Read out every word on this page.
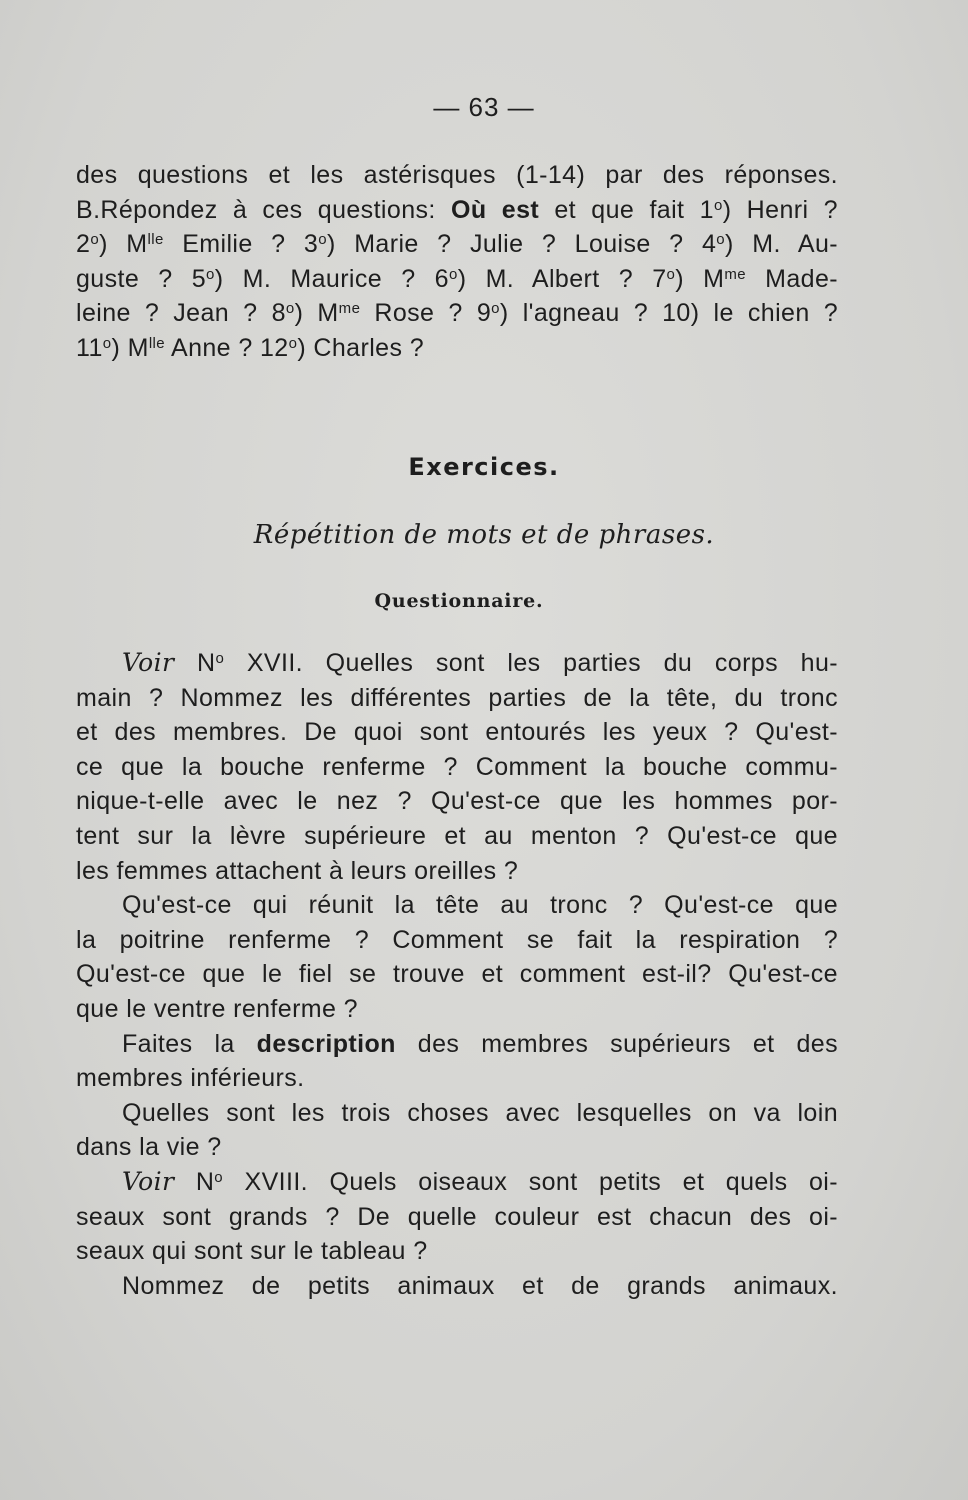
— 63 —
des questions et les astérisques (1-14) par des réponses.
B.Répondez à ces questions: Où est et que fait 1$^o$) Henri ?
2$^o$) $M^{lle}$ Emilie ? 3$^o$) Marie ? Julie ? Louise ? 4$^o$) M. Au-
guste ? 5$^o$) M. Maurice ? 6$^o$) M. Albert ? 7$^o$) $M^{me}$ Made-
leine ? Jean ? 8$^o$) $M^{me}$ Rose ? 9$^o$) l'agneau ? 10) le chien ?
11$^o$) $M^{lle}$ Anne ? 12$^o$) Charles ?
Exercices.
Répétition de mots et de phrases.
Questionnaire.
Voir $N^o$ XVII. Quelles sont les parties du corps hu-
main ? Nommez les différentes parties de la tête, du tronc
et des membres. De quoi sont entourés les yeux ? Qu'est-
ce que la bouche renferme ? Comment la bouche commu-
nique-t-elle avec le nez ? Qu'est-ce que les hommes por-
tent sur la lèvre supérieure et au menton ? Qu'est-ce que
les femmes attachent à leurs oreilles ?
Qu'est-ce qui réunit la tête au tronc ? Qu'est-ce que
la poitrine renferme ? Comment se fait la respiration ?
Qu'est-ce que le fiel se trouve et comment est-il? Qu'est-ce
que le ventre renferme ?
Faites la description des membres supérieurs et des
membres inférieurs.
Quelles sont les trois choses avec lesquelles on va loin
dans la vie ?
Voir $N^o$ XVIII. Quels oiseaux sont petits et quels oi-
seaux sont grands ? De quelle couleur est chacun des oi-
seaux qui sont sur le tableau ?
Nommez de petits animaux et de grands animaux.
